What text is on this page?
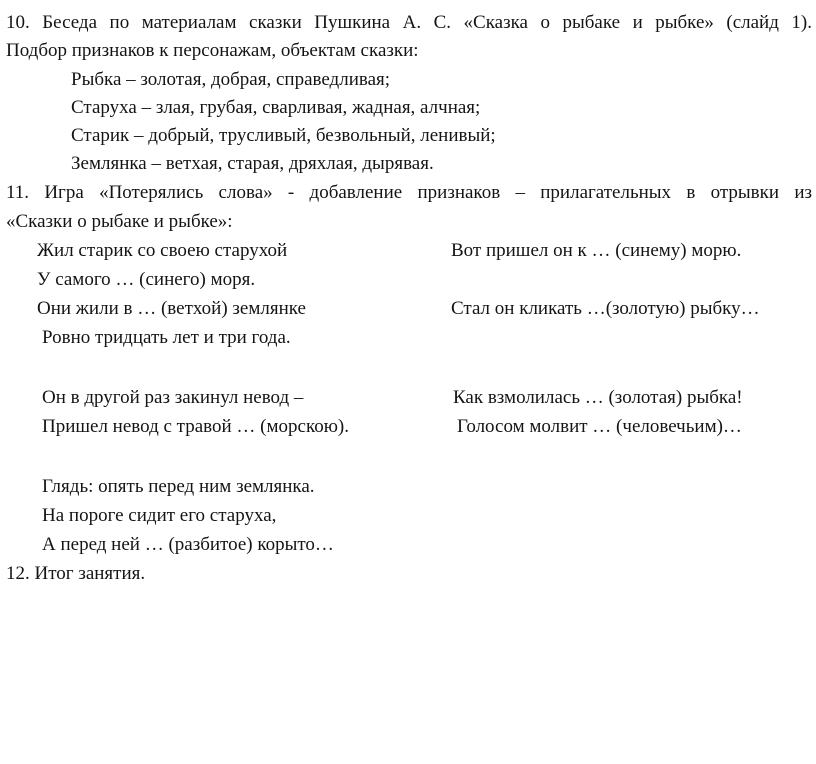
10. Беседа по материалам сказки Пушкина А. С. «Сказка о рыбаке и рыбке» (слайд 1).
Подбор признаков к персонажам, объектам сказки:
Рыбка – золотая, добрая, справедливая;
Старуха – злая, грубая, сварливая, жадная, алчная;
Старик – добрый, трусливый, безвольный, ленивый;
Землянка – ветхая, старая, дряхлая, дырявая.
11. Игра «Потерялись слова» - добавление признаков – прилагательных в отрывки из
«Сказки о рыбаке и рыбке»:
Жил старик со своею старухой	Вот пришел он к … (синему) морю.
У самого … (синего) моря.
Они жили в … (ветхой) землянке	Стал он кликать …(золотую) рыбку…
Ровно тридцать лет и три года.
Он в другой раз закинул невод –	Как взмолилась … (золотая) рыбка!
Пришел невод с травой … (морскою).	Голосом молвит … (человечьим)…
Глядь: опять перед ним землянка.
На пороге сидит его старуха,
А перед ней … (разбитое) корыто…
12. Итог занятия.
